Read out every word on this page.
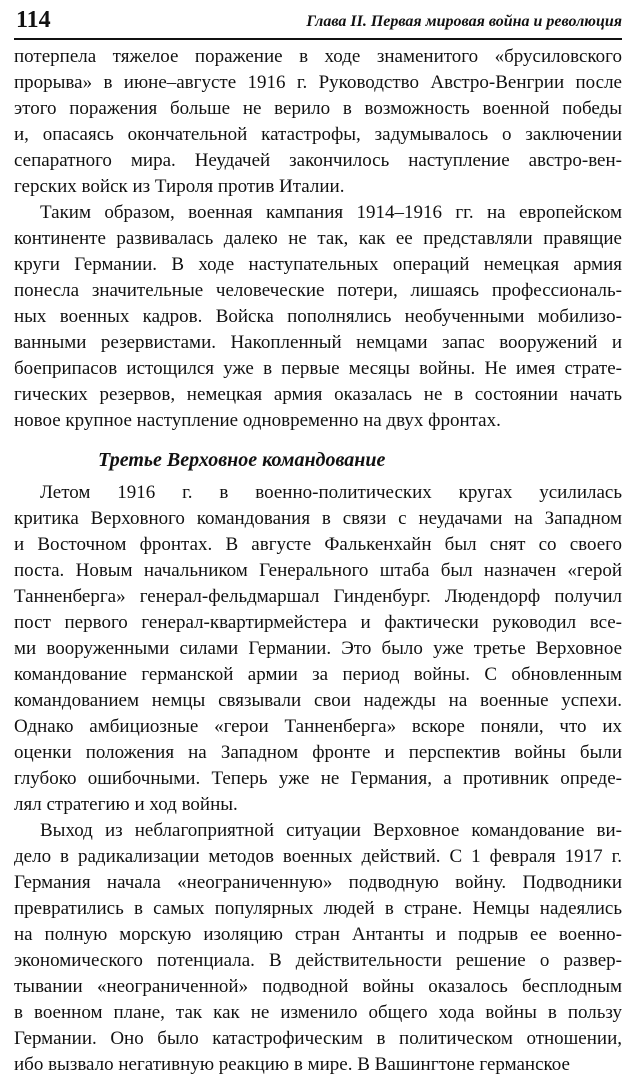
114	Глава II. Первая мировая война и революция
потерпела тяжелое поражение в ходе знаменитого «брусиловского
прорыва» в июне–августе 1916 г. Руководство Австро-Венгрии после
этого поражения больше не верило в возможность военной победы
и, опасаясь окончательной катастрофы, задумывалось о заключении
сепаратного мира. Неудачей закончилось наступление австро-вен-
герских войск из Тироля против Италии.
Таким образом, военная кампания 1914–1916 гг. на европейском
континенте развивалась далеко не так, как ее представляли правящие
круги Германии. В ходе наступательных операций немецкая армия
понесла значительные человеческие потери, лишаясь профессиональ-
ных военных кадров. Войска пополнялись необученными мобилизо-
ванными резервистами. Накопленный немцами запас вооружений и
боеприпасов истощился уже в первые месяцы войны. Не имея страте-
гических резервов, немецкая армия оказалась не в состоянии начать
новое крупное наступление одновременно на двух фронтах.
Третье Верховное командование
Летом 1916 г. в военно-политических кругах усилилась
критика Верховного командования в связи с неудачами на Западном
и Восточном фронтах. В августе Фалькенхайн был снят со своего
поста. Новым начальником Генерального штаба был назначен «герой
Танненберга» генерал-фельдмаршал Гинденбург. Людендорф получил
пост первого генерал-квартирмейстера и фактически руководил все-
ми вооруженными силами Германии. Это было уже третье Верховное
командование германской армии за период войны. С обновленным
командованием немцы связывали свои надежды на военные успехи.
Однако амбициозные «герои Танненберга» вскоре поняли, что их
оценки положения на Западном фронте и перспектив войны были
глубоко ошибочными. Теперь уже не Германия, а противник опреде-
лял стратегию и ход войны.
Выход из неблагоприятной ситуации Верховное командование ви-
дело в радикализации методов военных действий. С 1 февраля 1917 г.
Германия начала «неограниченную» подводную войну. Подводники
превратились в самых популярных людей в стране. Немцы надеялись
на полную морскую изоляцию стран Антанты и подрыв ее военно-
экономического потенциала. В действительности решение о развер-
тывании «неограниченной» подводной войны оказалось бесплодным
в военном плане, так как не изменило общего хода войны в пользу
Германии. Оно было катастрофическим в политическом отношении,
ибо вызвало негативную реакцию в мире. В Вашингтоне германское
